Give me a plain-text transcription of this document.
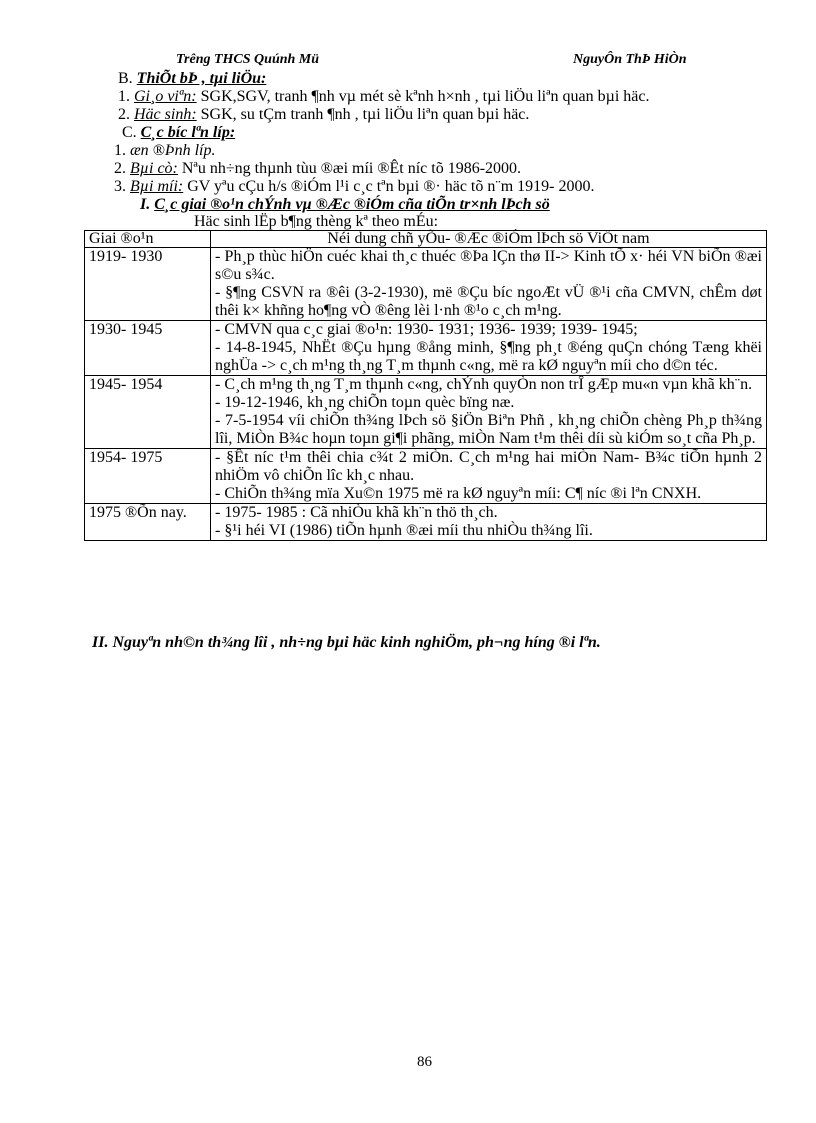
Trêng THCS Quúnh Mü	NguyÔn ThÞ HiÒn
B. ThiÕt bÞ , tµi liÖu:
1. Gi¸o viªn: SGK,SGV, tranh ¶nh vµ mét sè kªnh h×nh , tµi liÖu liªn quan bµi häc.
2. Häc sinh: SGK, su tÇm tranh ¶nh , tµi liÖu liªn quan bµi häc.
C. C¸c bíc lªn líp:
1. æn ®Þnh líp.
2. Bµi cò: Nªu nh÷ng thµnh tùu ®æi míi ®Êt níc tõ 1986-2000.
3. Bµi míi: GV yªu cÇu h/s ®iÓm l¹i c¸c tªn bµi ®· häc tõ n¨m 1919- 2000.
I. C¸c giai ®o¹n chÝnh vµ ®Æc ®iÓm cña tiÕn tr×nh lÞch sö
Häc sinh lËp b¶ng thèng kª theo mÉu:
Giai ®o¹n	Néi dung chñ yÕu- ®Æc ®iÓm lÞch sö ViÖt nam
1919- 1930	- Ph¸p thùc hiÖn cuéc khai th¸c thuéc ®Þa lÇn thø II-> Kinh tÕ x· héi VN biÕn ®æi s©u s¾c.
- §¶ng CSVN ra ®êi (3-2-1930), më ®Çu bíc ngoÆt vÜ ®¹i cña CMVN, chÊm døt thêi k× khñng ho¶ng vÒ ®êng lèi l·nh ®¹o c¸ch m¹ng.

1930- 1945	- CMVN qua c¸c giai ®o¹n: 1930- 1931; 1936- 1939; 1939- 1945;
- 14-8-1945, NhËt ®Çu hµng ®ång minh, §¶ng ph¸t ®éng quÇn chóng Tæng khëi nghÜa -> c¸ch m¹ng th¸ng T¸m thµnh c«ng, më ra kØ nguyªn míi cho d©n téc.

1945- 1954	- C¸ch m¹ng th¸ng T¸m thµnh c«ng, chÝnh quyÒn non trÎ gÆp mu«n vµn khã kh¨n.
- 19-12-1946, kh¸ng chiÕn toµn quèc bïng næ.
- 7-5-1954 víi chiÕn th¾ng lÞch sö §iÖn Biªn Phñ , kh¸ng chiÕn chèng Ph¸p th¾ng lîi, MiÒn B¾c hoµn toµn gi¶i phãng, miÒn Nam t¹m thêi díi sù kiÓm so¸t cña Ph¸p.

1954- 1975	- §Êt níc t¹m thêi chia c¾t 2 miÒn. C¸ch m¹ng hai miÒn Nam- B¾c tiÕn hµnh 2 nhiÖm vô chiÕn lîc kh¸c nhau.
- ChiÕn th¾ng mïa Xu©n 1975 më ra kØ nguyªn míi: C¶ níc ®i lªn CNXH.

1975 ®Õn nay.	- 1975- 1985 : Cã nhiÒu khã kh¨n thö th¸ch.
- §¹i héi VI (1986) tiÕn hµnh ®æi míi thu nhiÒu th¾ng lîi.
II. Nguyªn nh©n th¾ng lîi , nh÷ng bµi häc kinh nghiÖm, ph¬ng híng ®i lªn.
86
